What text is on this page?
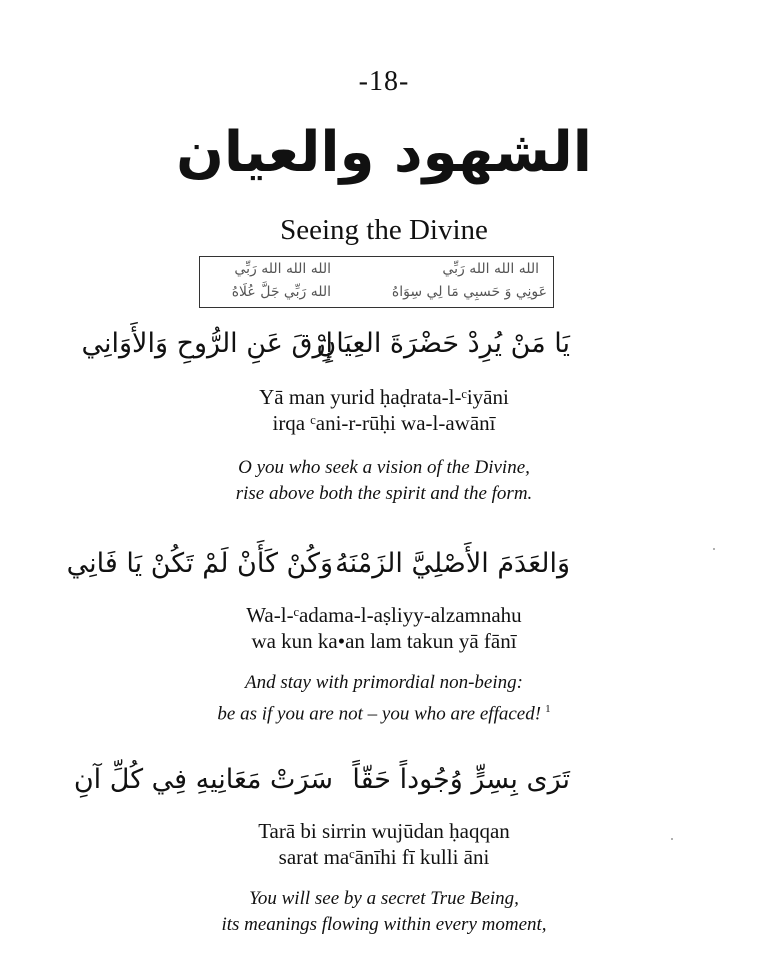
-18-
الشهود والعيان
Seeing the Divine
الله الله الله رَبِّي
الله الله الله رَبِّي
عَونِي وَ حَسبِي مَا لِي سِوَاهُ
الله رَبِّي جَلَّ عُلَاهُ
يَا مَنْ يُرِدْ حَضْرَةَ العِيَانِ
إِرْقَ عَنِ الرُّوحِ وَالأَوَانِي
Yā man yurid ḥaḍrata-l-ᶜiyāni
irqa ᶜani-r-rūḥi wa-l-awānī
O you who seek a vision of the Divine,
rise above both the spirit and the form.
وَالعَدَمَ الأَصْلِيَّ الزَمْنَهُ
وَكُنْ كَأَنْ لَمْ تَكُنْ يَا فَانِي
Wa-l-ᶜadama-l-aṣliyy-alzamnahu
wa kun ka•an lam takun yā fānī
And stay with primordial non-being:
be as if you are not – you who are effaced! $^1$
تَرَى بِسِرٍّ وُجُوداً حَقّاً
سَرَتْ مَعَانِيهِ فِي كُلِّ آنِ
Tarā bi sirrin wujūdan ḥaqqan
sarat maᶜānīhi fī kulli āni
You will see by a secret True Being,
its meanings flowing within every moment,
